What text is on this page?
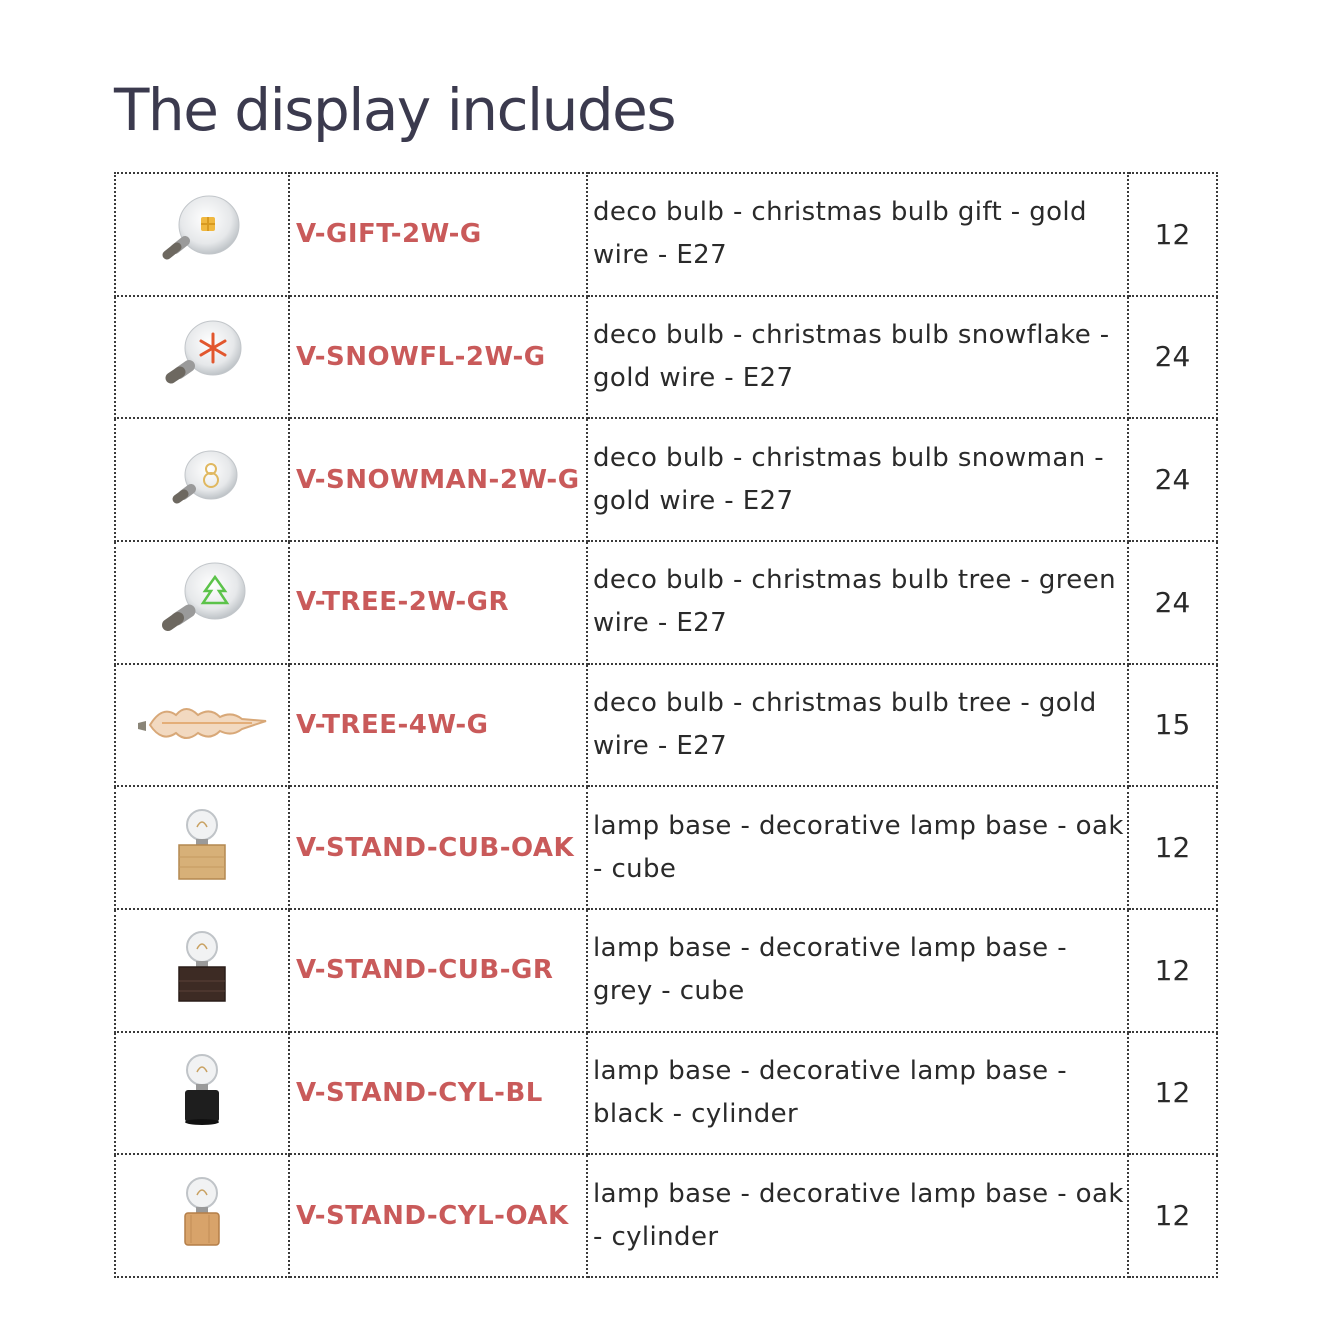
The display includes
	V-GIFT-2W-G	deco bulb - christmas bulb gift - gold wire - E27	12

	V-SNOWFL-2W-G	deco bulb - christmas bulb snowflake - gold wire - E27	24

	V-SNOWMAN-2W-G	deco bulb - christmas bulb snowman - gold wire - E27	24

	V-TREE-2W-GR	deco bulb - christmas bulb tree - green wire - E27	24

	V-TREE-4W-G	deco bulb - christmas bulb tree - gold wire - E27	15

	V-STAND-CUB-OAK	lamp base - decorative lamp base - oak - cube	12

	V-STAND-CUB-GR	lamp base - decorative lamp base - grey - cube	12

	V-STAND-CYL-BL	lamp base - decorative lamp base - black - cylinder	12

	V-STAND-CYL-OAK	lamp base - decorative lamp base - oak - cylinder	12
